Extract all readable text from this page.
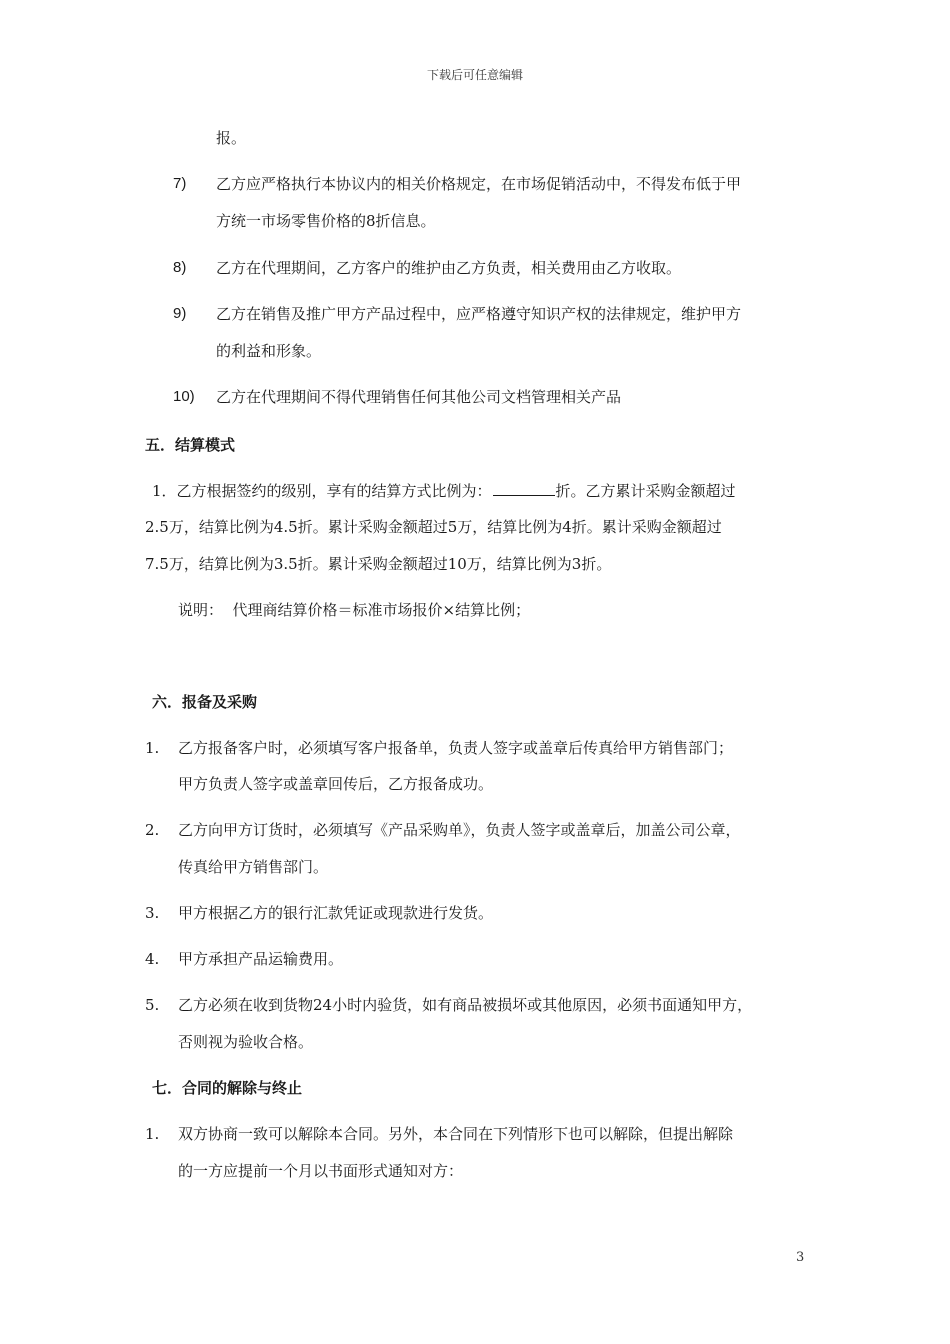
下载后可任意编辑
报。
7) 乙方应严格执行本协议内的相关价格规定，在市场促销活动中，不得发布低于甲
方统一市场零售价格的8折信息。
8) 乙方在代理期间，乙方客户的维护由乙方负责，相关费用由乙方收取。
9) 乙方在销售及推广甲方产品过程中，应严格遵守知识产权的法律规定，维护甲方
的利益和形象。
10) 乙方在代理期间不得代理销售任何其他公司文档管理相关产品
五．结算模式
1．乙方根据签约的级别，享有的结算方式比例为：	折。乙方累计采购金额超过
2.5万，结算比例为4.5折。累计采购金额超过5万，结算比例为4折。累计采购金额超过
7.5万，结算比例为3.5折。累计采购金额超过10万，结算比例为3折。
说明：  代理商结算价格＝标准市场报价×结算比例；
六．报备及采购
1. 乙方报备客户时，必须填写客户报备单，负责人签字或盖章后传真给甲方销售部门；
甲方负责人签字或盖章回传后，乙方报备成功。
2. 乙方向甲方订货时，必须填写《产品采购单》，负责人签字或盖章后，加盖公司公章，
传真给甲方销售部门。
3. 甲方根据乙方的银行汇款凭证或现款进行发货。
4. 甲方承担产品运输费用。
5. 乙方必须在收到货物24小时内验货，如有商品被损坏或其他原因，必须书面通知甲方，
否则视为验收合格。
七．合同的解除与终止
1. 双方协商一致可以解除本合同。另外，本合同在下列情形下也可以解除，但提出解除
的一方应提前一个月以书面形式通知对方：
3
